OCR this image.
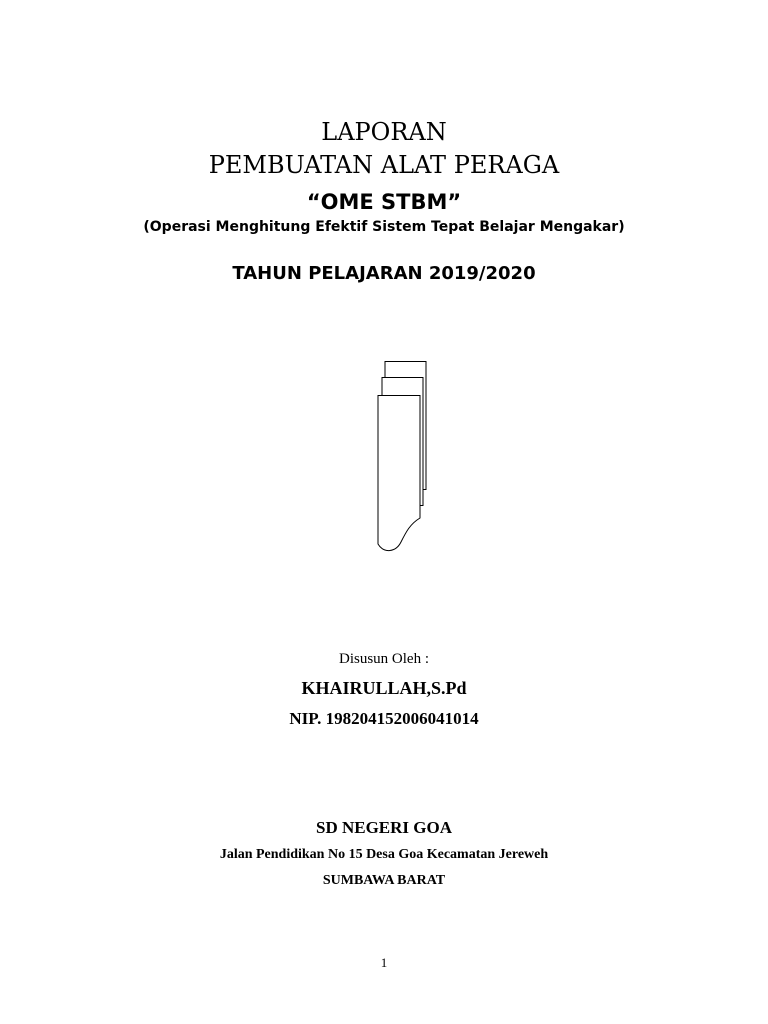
LAPORAN
PEMBUATAN ALAT PERAGA
“OME STBM”
(Operasi Menghitung Efektif Sistem Tepat Belajar Mengakar)
TAHUN PELAJARAN 2019/2020
Disusun Oleh :
KHAIRULLAH,S.Pd
NIP. 198204152006041014
SD NEGERI GOA
Jalan Pendidikan No 15 Desa Goa Kecamatan Jereweh
SUMBAWA BARAT
1
